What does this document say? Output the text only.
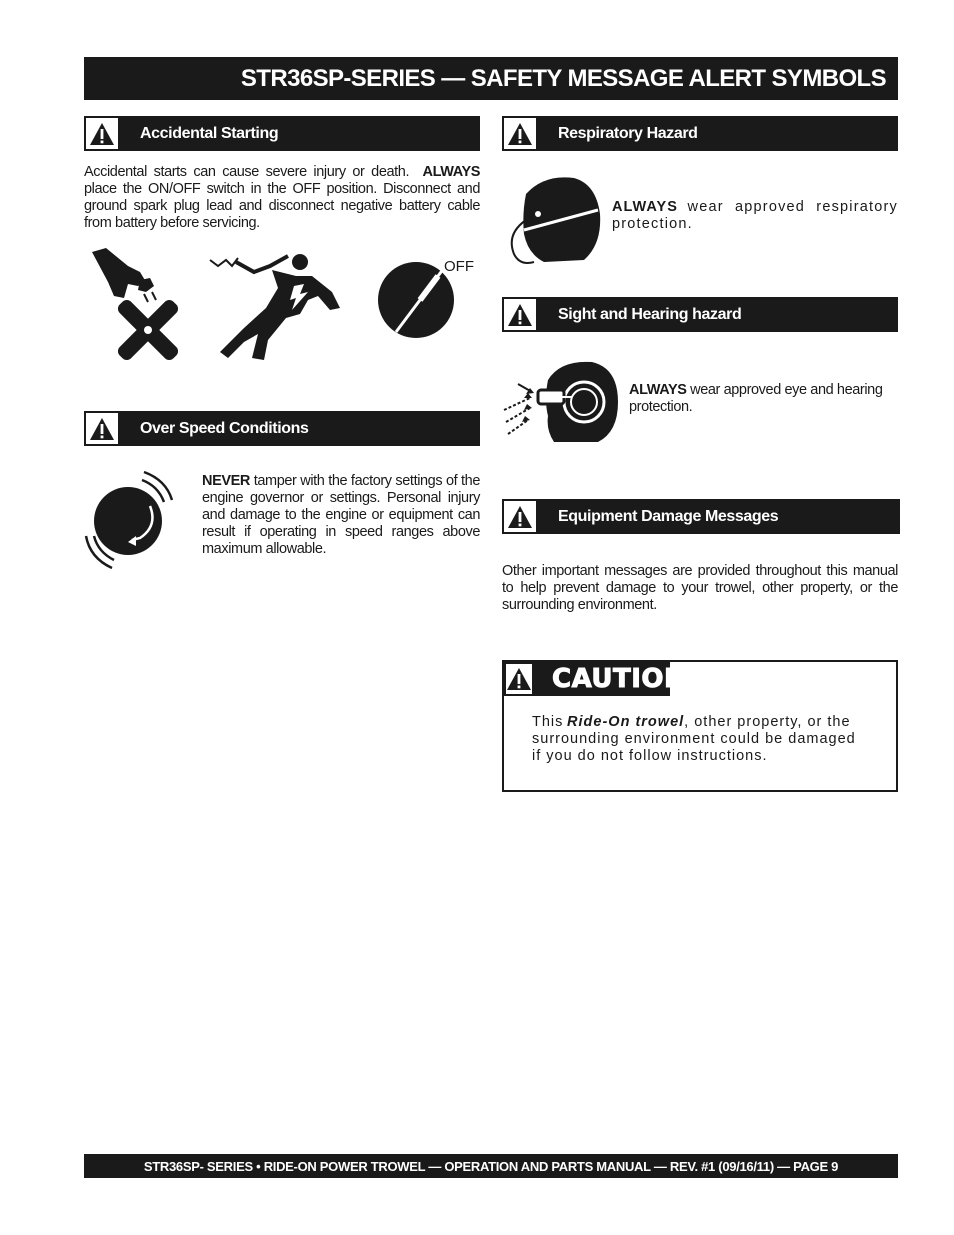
STR36SP-SERIES — SAFETY MESSAGE ALERT SYMBOLS
Accidental Starting
Accidental starts can cause severe injury or death. ALWAYS place the ON/OFF switch in the OFF position. Disconnect and ground spark plug lead and disconnect negative battery cable from battery before servicing.
OFF
Over Speed Conditions
NEVER tamper with the factory settings of the engine governor or settings. Personal injury and damage to the engine or equipment can result if operating in speed ranges above maximum allowable.
Respiratory Hazard
ALWAYS wear approved respiratory protection.
Sight and Hearing hazard
ALWAYS wear approved eye and hearing protection.
Equipment Damage Messages
Other important messages are provided throughout this manual to help prevent damage to your trowel, other property, or the surrounding environment.
CAUTION
This Ride-On trowel, other property, or the surrounding environment could be damaged if you do not follow instructions.
STR36SP- SERIES • RIDE-ON POWER TROWEL — OPERATION AND PARTS MANUAL — REV. #1 (09/16/11) — PAGE 9
